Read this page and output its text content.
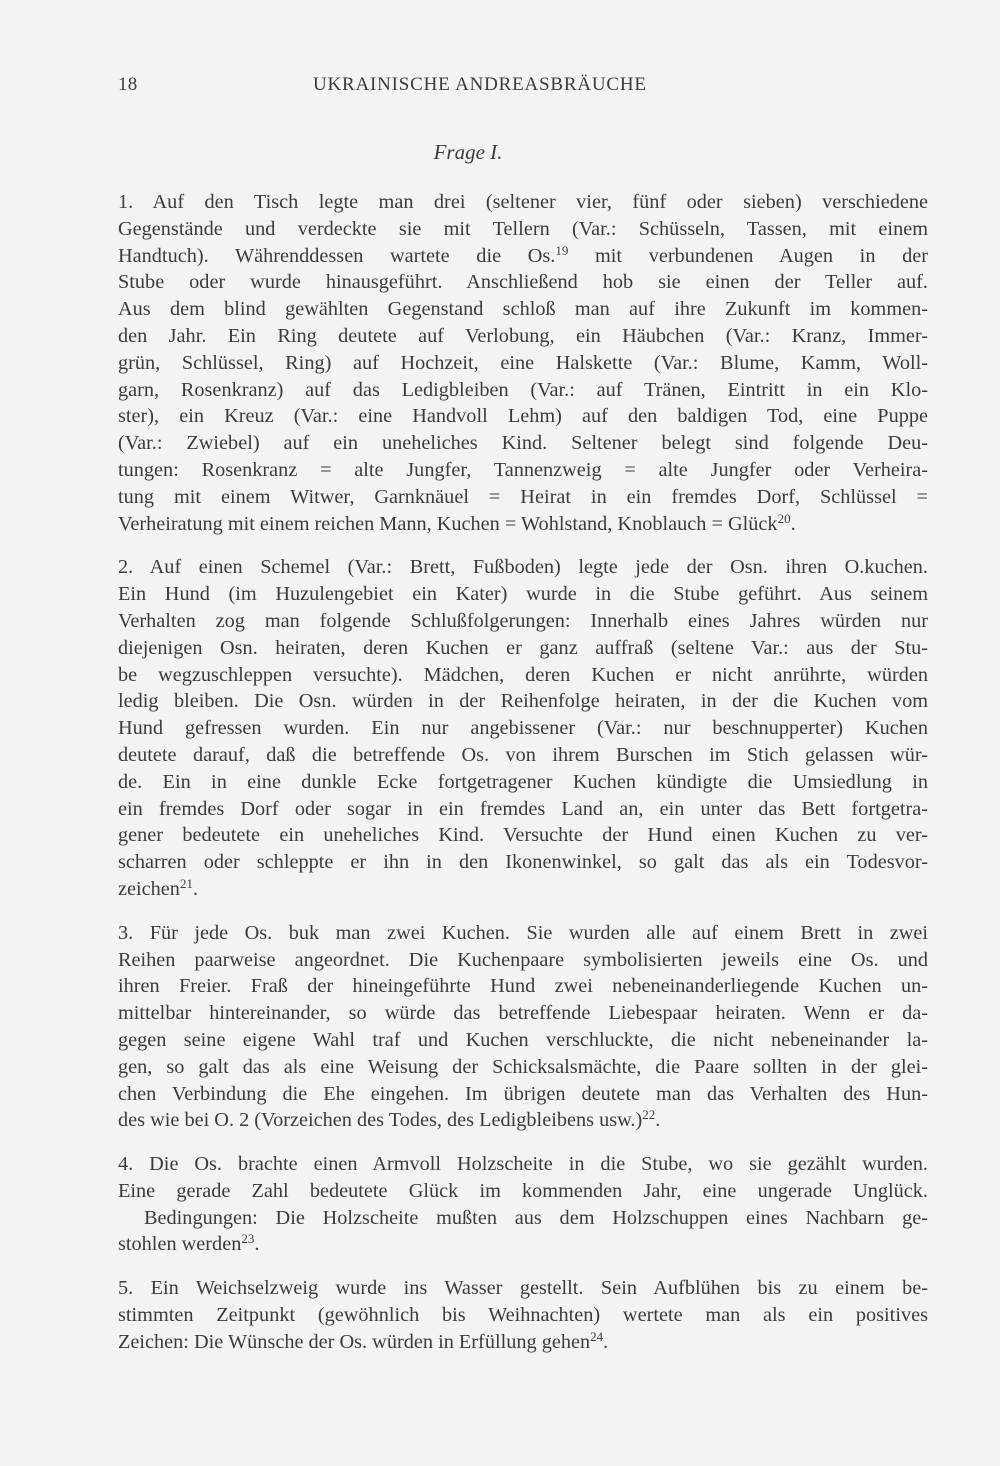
18	UKRAINISCHE ANDREASBRÄUCHE
Frage I.
1. Auf den Tisch legte man drei (seltener vier, fünf oder sieben) verschiedene
Gegenstände und verdeckte sie mit Tellern (Var.: Schüsseln, Tassen, mit einem
Handtuch). Währenddessen wartete die Os.$^{19}$ mit verbundenen Augen in der
Stube oder wurde hinausgeführt. Anschließend hob sie einen der Teller auf.
Aus dem blind gewählten Gegenstand schloß man auf ihre Zukunft im kommen-
den Jahr. Ein Ring deutete auf Verlobung, ein Häubchen (Var.: Kranz, Immer-
grün, Schlüssel, Ring) auf Hochzeit, eine Halskette (Var.: Blume, Kamm, Woll-
garn, Rosenkranz) auf das Ledigbleiben (Var.: auf Tränen, Eintritt in ein Klo-
ster), ein Kreuz (Var.: eine Handvoll Lehm) auf den baldigen Tod, eine Puppe
(Var.: Zwiebel) auf ein uneheliches Kind. Seltener belegt sind folgende Deu-
tungen: Rosenkranz = alte Jungfer, Tannenzweig = alte Jungfer oder Verheira-
tung mit einem Witwer, Garnknäuel = Heirat in ein fremdes Dorf, Schlüssel =
Verheiratung mit einem reichen Mann, Kuchen = Wohlstand, Knoblauch = Glück$^{20}$.
2. Auf einen Schemel (Var.: Brett, Fußboden) legte jede der Osn. ihren O.kuchen.
Ein Hund (im Huzulengebiet ein Kater) wurde in die Stube geführt. Aus seinem
Verhalten zog man folgende Schlußfolgerungen: Innerhalb eines Jahres würden nur
diejenigen Osn. heiraten, deren Kuchen er ganz auffraß (seltene Var.: aus der Stu-
be wegzuschleppen versuchte). Mädchen, deren Kuchen er nicht anrührte, würden
ledig bleiben. Die Osn. würden in der Reihenfolge heiraten, in der die Kuchen vom
Hund gefressen wurden. Ein nur angebissener (Var.: nur beschnupperter) Kuchen
deutete darauf, daß die betreffende Os. von ihrem Burschen im Stich gelassen wür-
de. Ein in eine dunkle Ecke fortgetragener Kuchen kündigte die Umsiedlung in
ein fremdes Dorf oder sogar in ein fremdes Land an, ein unter das Bett fortgetra-
gener bedeutete ein uneheliches Kind. Versuchte der Hund einen Kuchen zu ver-
scharren oder schleppte er ihn in den Ikonenwinkel, so galt das als ein Todesvor-
zeichen$^{21}$.
3. Für jede Os. buk man zwei Kuchen. Sie wurden alle auf einem Brett in zwei
Reihen paarweise angeordnet. Die Kuchenpaare symbolisierten jeweils eine Os. und
ihren Freier. Fraß der hineingeführte Hund zwei nebeneinanderliegende Kuchen un-
mittelbar hintereinander, so würde das betreffende Liebespaar heiraten. Wenn er da-
gegen seine eigene Wahl traf und Kuchen verschluckte, die nicht nebeneinander la-
gen, so galt das als eine Weisung der Schicksalsmächte, die Paare sollten in der glei-
chen Verbindung die Ehe eingehen. Im übrigen deutete man das Verhalten des Hun-
des wie bei O. 2 (Vorzeichen des Todes, des Ledigbleibens usw.)$^{22}$.
4. Die Os. brachte einen Armvoll Holzscheite in die Stube, wo sie gezählt wurden.
Eine gerade Zahl bedeutete Glück im kommenden Jahr, eine ungerade Unglück.
Bedingungen: Die Holzscheite mußten aus dem Holzschuppen eines Nachbarn ge-
stohlen werden$^{23}$.
5. Ein Weichselzweig wurde ins Wasser gestellt. Sein Aufblühen bis zu einem be-
stimmten Zeitpunkt (gewöhnlich bis Weihnachten) wertete man als ein positives
Zeichen: Die Wünsche der Os. würden in Erfüllung gehen$^{24}$.
